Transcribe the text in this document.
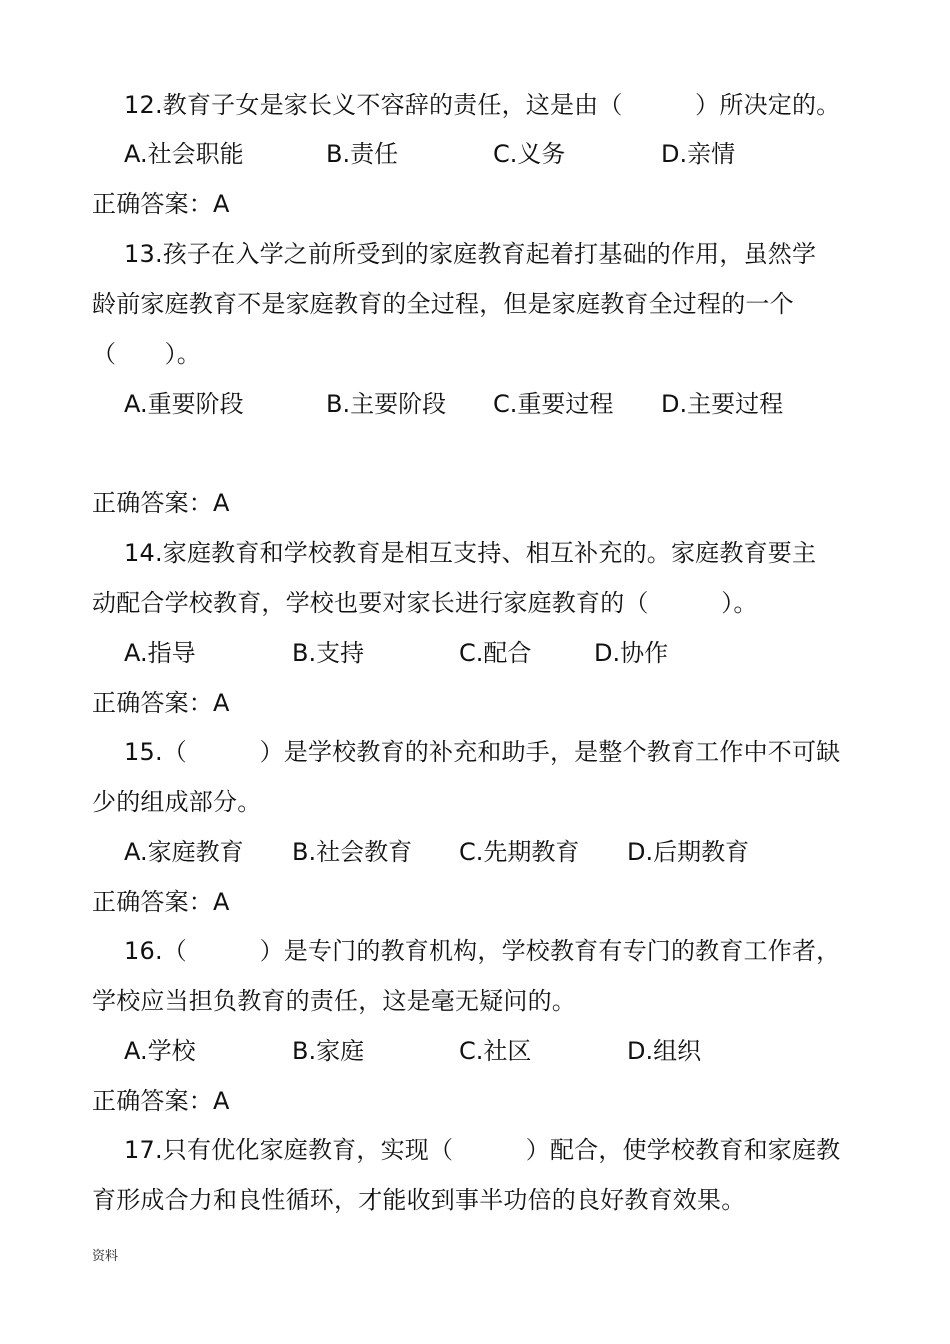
12.教育子女是家长义不容辞的责任，这是由（　　　）所决定的。
A.社会职能	B.责任	C.义务	D.亲情
正确答案：A
13.孩子在入学之前所受到的家庭教育起着打基础的作用，虽然学
龄前家庭教育不是家庭教育的全过程，但是家庭教育全过程的一个
（　　）。
A.重要阶段	B.主要阶段 C.重要过程 D.主要过程
正确答案：A
14.家庭教育和学校教育是相互支持、相互补充的。家庭教育要主
动配合学校教育，学校也要对家长进行家庭教育的（　　　）。
A.指导	B.支持	C.配合	D.协作
正确答案：A
15.（　　　）是学校教育的补充和助手，是整个教育工作中不可缺
少的组成部分。
A.家庭教育 B.社会教育 C.先期教育 D.后期教育
正确答案：A
16.（　　　）是专门的教育机构，学校教育有专门的教育工作者，
学校应当担负教育的责任，这是毫无疑问的。
A.学校	B.家庭	C.社区	D.组织
正确答案：A
17.只有优化家庭教育，实现（　　　）配合，使学校教育和家庭教
育形成合力和良性循环，才能收到事半功倍的良好教育效果。
资料
